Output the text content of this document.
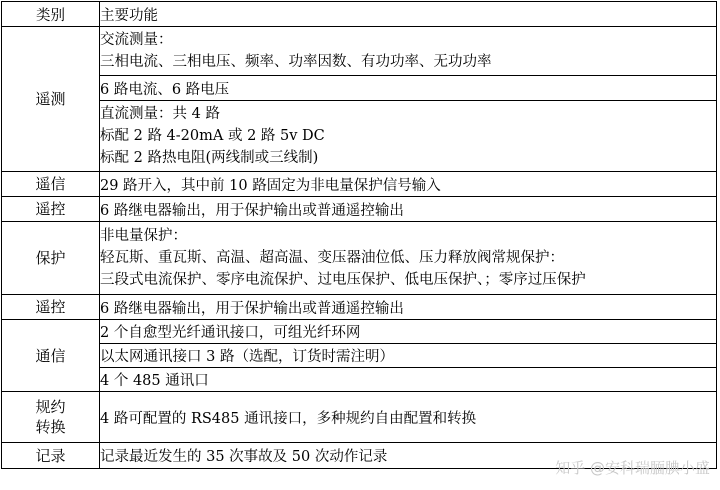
类别	主要功能
遥测	交流测量：
三相电流、三相电压、频率、功率因数、有功功率、无功功率

	6 路电流、6 路电压

	直流测量：共 4 路
标配 2 路 4-20mA 或 2 路 5v DC
标配 2 路热电阻(两线制或三线制)

遥信	29 路开入，其中前 10 路固定为非电量保护信号输入
遥控	6 路继电器输出，用于保护输出或普通遥控输出
保护	非电量保护：
轻瓦斯、重瓦斯、高温、超高温、变压器油位低、压力释放阀常规保护：
三段式电流保护、零序电流保护、过电压保护、低电压保护、；零序过压保护

遥控	6 路继电器输出，用于保护输出或普通遥控输出
通信	2 个自愈型光纤通讯接口，可组光纤环网
	以太网通讯接口 3 路（选配，订货时需注明）
	4 个 485 通讯口

规约
转换	4 路可配置的 RS485 通讯接口，多种规约自由配置和转换
记录	记录最近发生的 35 次事故及 50 次动作记录
知乎 @安科瑞腼腆小盛
